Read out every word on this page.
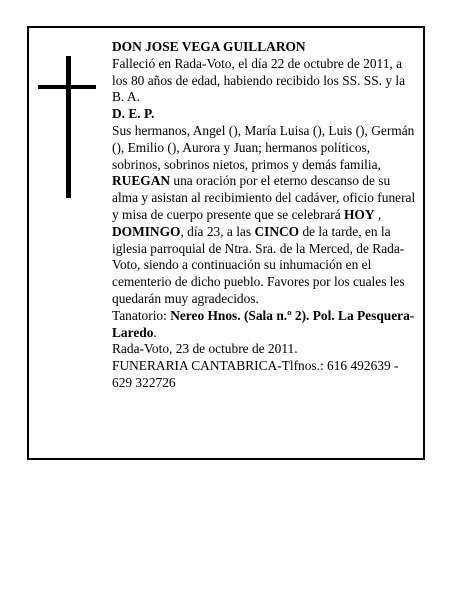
DON JOSE VEGA GUILLARON

Falleció en Rada-Voto, el día 22 de octubre de 2011, a los 80 años de edad, habiendo recibido los SS. SS. y la B. A.

D. E. P.

Sus hermanos, Angel (), María Luisa (), Luis (), Germán (), Emilio (), Aurora y Juan; hermanos políticos, sobrinos, sobrinos nietos, primos y demás familia,

RUEGAN una oración por el eterno descanso de su alma y asistan al recibimiento del cadáver, oficio funeral y misa de cuerpo presente que se celebrará HOY , DOMINGO, día 23, a las CINCO de la tarde, en la iglesia parroquial de Ntra. Sra. de la Merced, de Rada-Voto, siendo a continuación su inhumación en el cementerio de dicho pueblo. Favores por los cuales les quedarán muy agradecidos.

Tanatorio: Nereo Hnos. (Sala n.º 2). Pol. La Pesquera-Laredo.

Rada-Voto, 23 de octubre de 2011.

FUNERARIA CANTABRICA-Tlfnos.: 616 492639 - 629 322726
